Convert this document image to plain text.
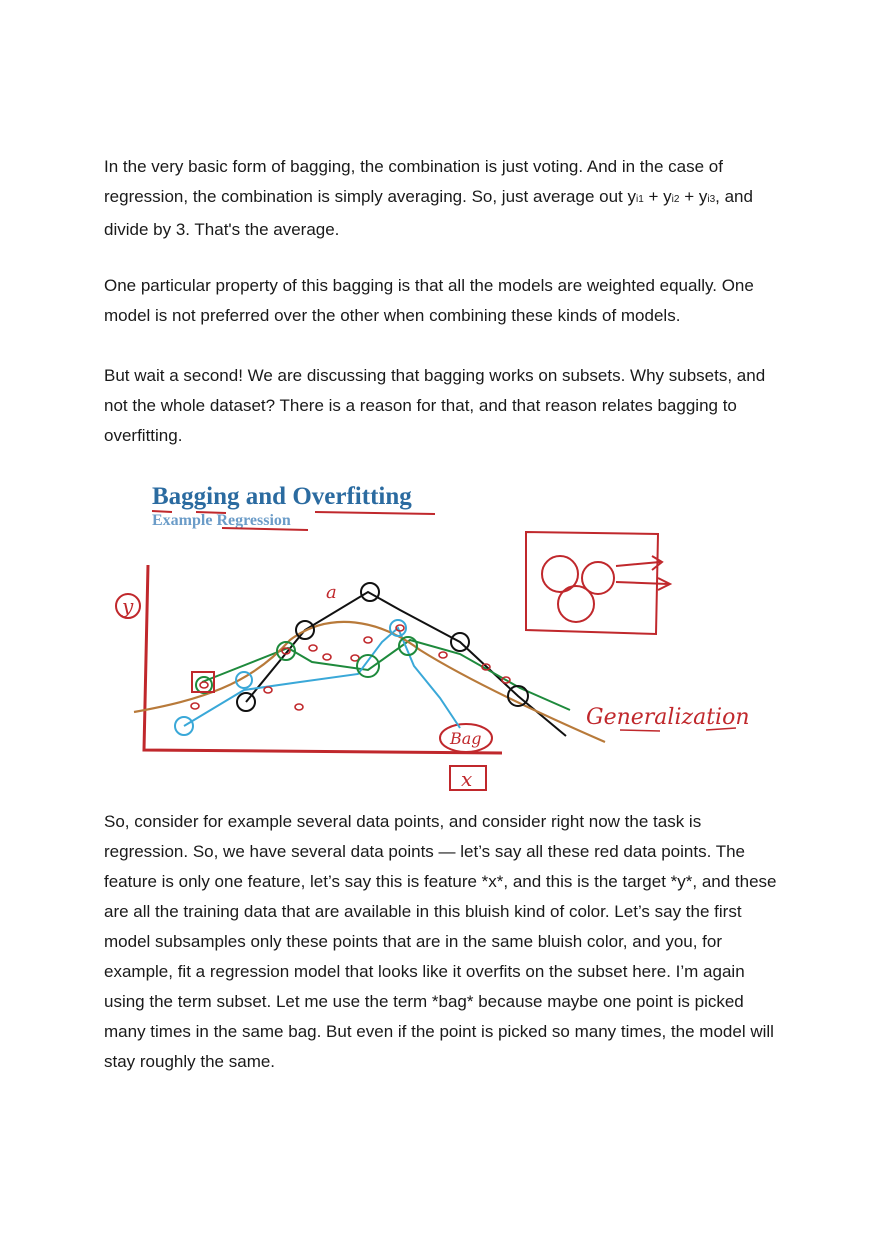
In the very basic form of bagging, the combination is just voting. And in the case of regression, the combination is simply averaging. So, just average out yi1 + yi2 + yi3, and divide by 3. That's the average.

One particular property of this bagging is that all the models are weighted equally. One model is not preferred over the other when combining these kinds of models.

But wait a second! We are discussing that bagging works on subsets. Why subsets, and not the whole dataset? There is a reason for that, and that reason relates bagging to overfitting.

Bagging and Overfitting
Example Regression
y
x
Bag
Generalization
a

So, consider for example several data points, and consider right now the task is regression. So, we have several data points — let’s say all these red data points. The feature is only one feature, let’s say this is feature *x*, and this is the target *y*, and these are all the training data that are available in this bluish kind of color. Let’s say the first model subsamples only these points that are in the same bluish color, and you, for example, fit a regression model that looks like it overfits on the subset here. I’m again using the term subset. Let me use the term *bag* because maybe one point is picked many times in the same bag. But even if the point is picked so many times, the model will stay roughly the same.
